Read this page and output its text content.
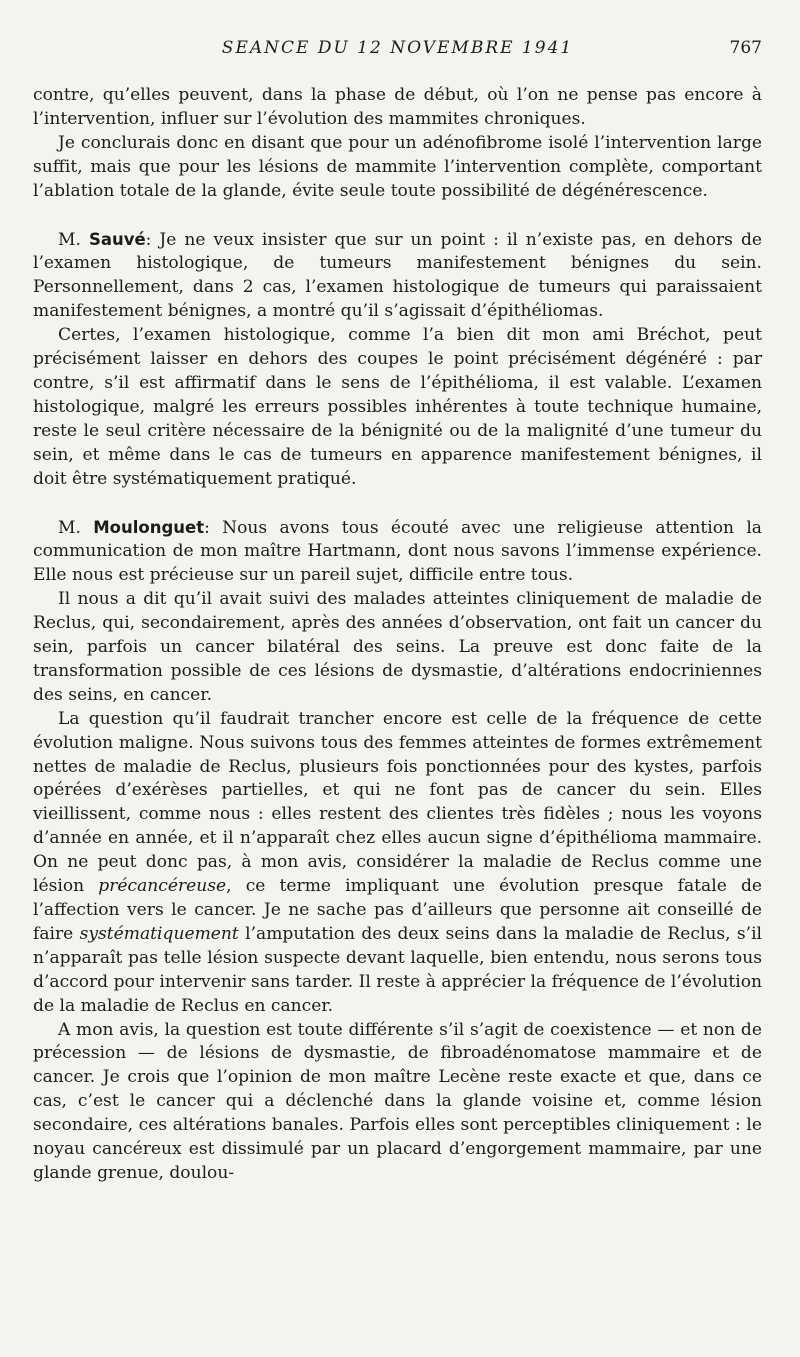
SEANCE DU 12 NOVEMBRE 1941	767

contre, qu’elles peuvent, dans la phase de début, où l’on ne pense pas encore à l’intervention, influer sur l’évolution des mammites chroniques.

Je conclurais donc en disant que pour un adénofibrome isolé l’intervention large suffit, mais que pour les lésions de mammite l’intervention complète, comportant l’ablation totale de la glande, évite seule toute possibilité de dégénérescence.

M. Sauvé: Je ne veux insister que sur un point : il n’existe pas, en dehors de l’examen histologique, de tumeurs manifestement bénignes du sein. Personnellement, dans 2 cas, l’examen histologique de tumeurs qui paraissaient manifestement bénignes, a montré qu’il s’agissait d’épithéliomas.

Certes, l’examen histologique, comme l’a bien dit mon ami Bréchot, peut précisément laisser en dehors des coupes le point précisément dégénéré : par contre, s’il est affirmatif dans le sens de l’épithélioma, il est valable. L’examen histologique, malgré les erreurs possibles inhérentes à toute technique humaine, reste le seul critère nécessaire de la bénignité ou de la malignité d’une tumeur du sein, et même dans le cas de tumeurs en apparence manifestement bénignes, il doit être systématiquement pratiqué.

M. Moulonguet: Nous avons tous écouté avec une religieuse attention la communication de mon maître Hartmann, dont nous savons l’immense expérience. Elle nous est précieuse sur un pareil sujet, difficile entre tous.

Il nous a dit qu’il avait suivi des malades atteintes cliniquement de maladie de Reclus, qui, secondairement, après des années d’observation, ont fait un cancer du sein, parfois un cancer bilatéral des seins. La preuve est donc faite de la transformation possible de ces lésions de dysmastie, d’altérations endocriniennes des seins, en cancer.

La question qu’il faudrait trancher encore est celle de la fréquence de cette évolution maligne. Nous suivons tous des femmes atteintes de formes extrêmement nettes de maladie de Reclus, plusieurs fois ponctionnées pour des kystes, parfois opérées d’exérèses partielles, et qui ne font pas de cancer du sein. Elles vieillissent, comme nous : elles restent des clientes très fidèles ; nous les voyons d’année en année, et il n’apparaît chez elles aucun signe d’épithélioma mammaire. On ne peut donc pas, à mon avis, considérer la maladie de Reclus comme une lésion précancéreuse, ce terme impliquant une évolution presque fatale de l’affection vers le cancer. Je ne sache pas d’ailleurs que personne ait conseillé de faire systématiquement l’amputation des deux seins dans la maladie de Reclus, s’il n’apparaît pas telle lésion suspecte devant laquelle, bien entendu, nous serons tous d’accord pour intervenir sans tarder. Il reste à apprécier la fréquence de l’évolution de la maladie de Reclus en cancer.

A mon avis, la question est toute différente s’il s’agit de coexistence — et non de précession — de lésions de dysmastie, de fibroadénomatose mammaire et de cancer. Je crois que l’opinion de mon maître Lecène reste exacte et que, dans ce cas, c’est le cancer qui a déclenché dans la glande voisine et, comme lésion secondaire, ces altérations banales. Parfois elles sont perceptibles cliniquement : le noyau cancéreux est dissimulé par un placard d’engorgement mammaire, par une glande grenue, doulou-
